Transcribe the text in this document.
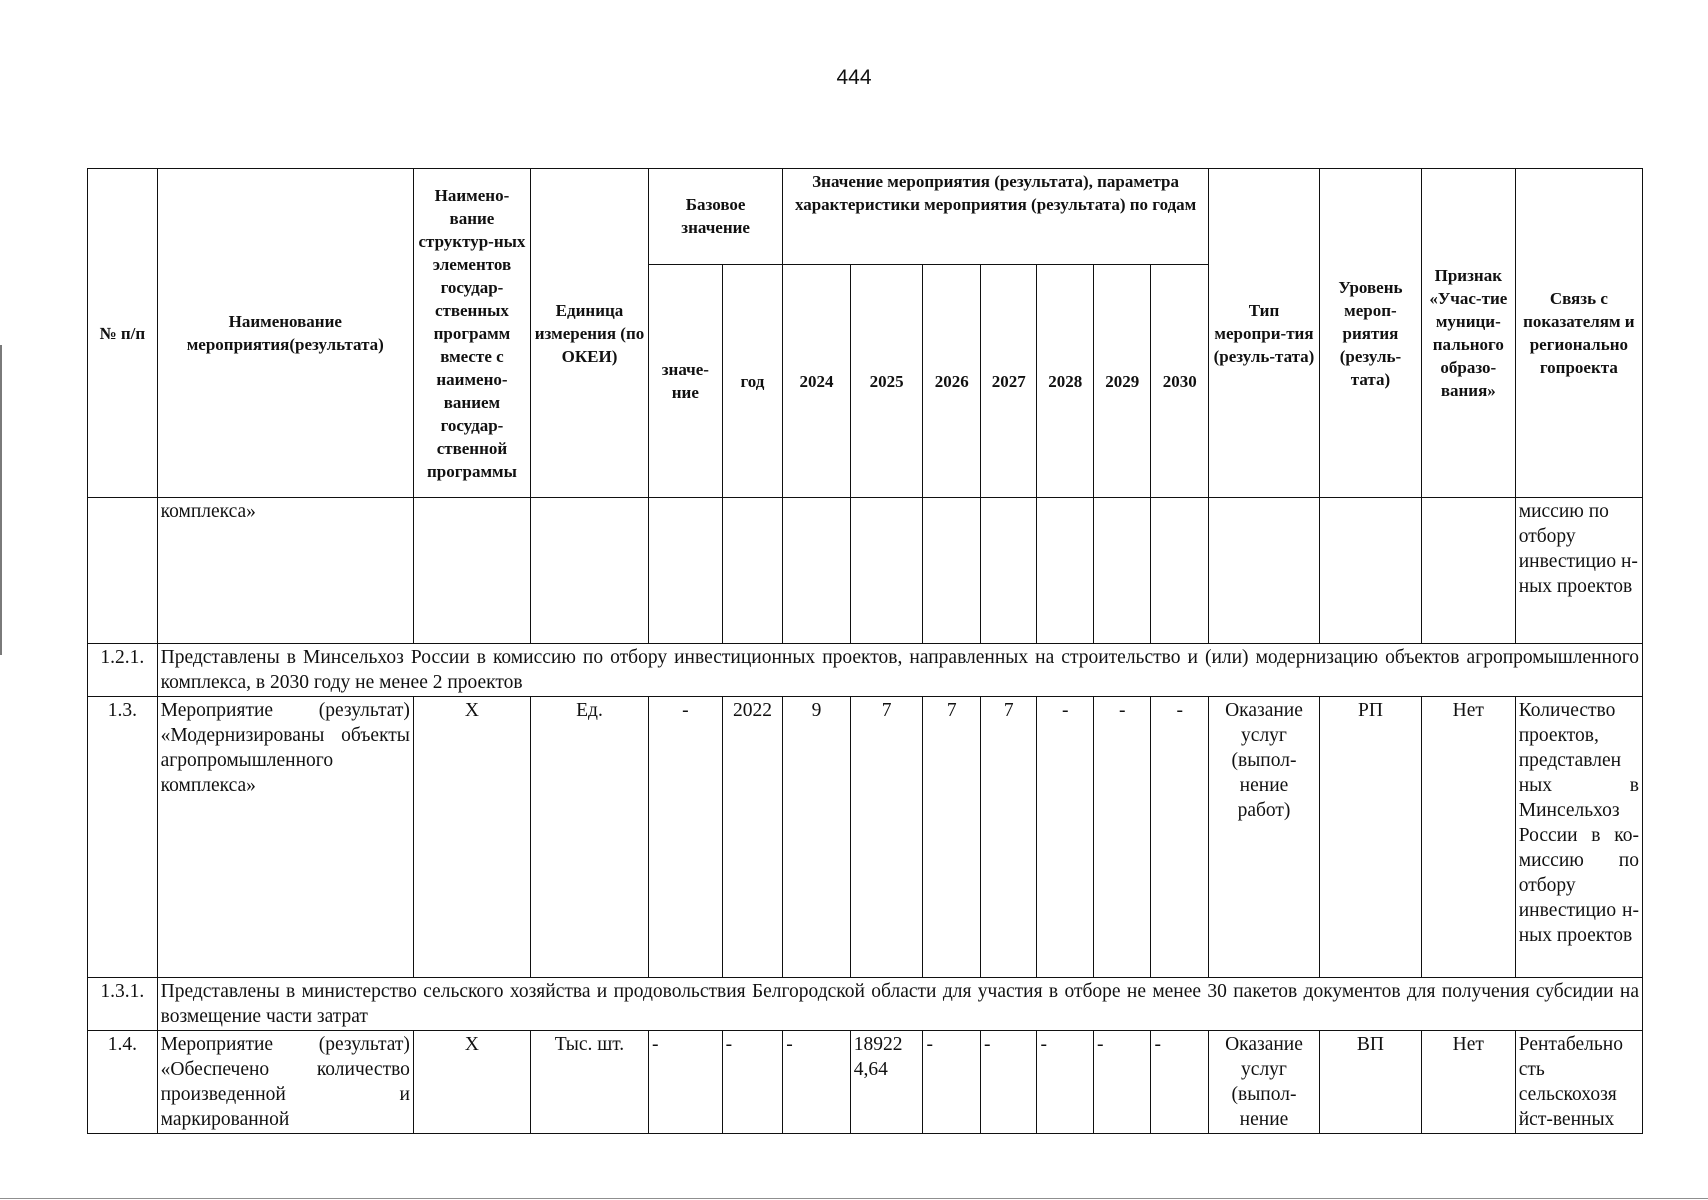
444
№ п/п	Наименование мероприятия(результата)	Наимено-вание структур-ных элементов государ-ственных программ вместе с наимено-ванием государ-ственной программы	Единица измерения (по ОКЕИ)	Базовое значение		Значение мероприятия (результата), параметра характеристики мероприятия (результата) по годам							Тип меропри-тия (резуль-тата)	Уровень мероп-риятия (резуль-тата)	Признак «Учас-тие муници-пального образо-вания»	Связь с показателям и регионально гопроекта
				значе-ние	год	2024	2025	2026	2027	2028	2029	2030				
	комплекса»															миссию по отбору инвестицио н-ных проектов
1.2.1.	Представлены в Минсельхоз России в комиссию по отбору инвестиционных проектов, направленных на строительство и (или) модернизацию объектов агропромышленного комплекса, в 2030 году не менее 2 проектов															
1.3.	Мероприятие (результат) «Модернизированы объекты агропромышленного комплекса»	Х	Ед.	-	2022	9	7	7	7	-	-	-	Оказание услуг (выпол-нение работ)	РП	Нет	Количество проектов, представлен ных в Минсельхоз России в ко-миссию по отбору инвестицио н-ных проектов
1.3.1.	Представлены в министерство сельского хозяйства и продовольствия Белгородской области для участия в отборе не менее 30 пакетов документов для получения субсидии на возмещение части затрат															
1.4.	Мероприятие (результат) «Обеспечено количество произведенной и маркированной	Х	Тыс. шт.	-	-	-	18922 4,64	-	-	-	-	-	Оказание услуг (выпол-нение	ВП	Нет	Рентабельно сть сельскохозя йст-венных
